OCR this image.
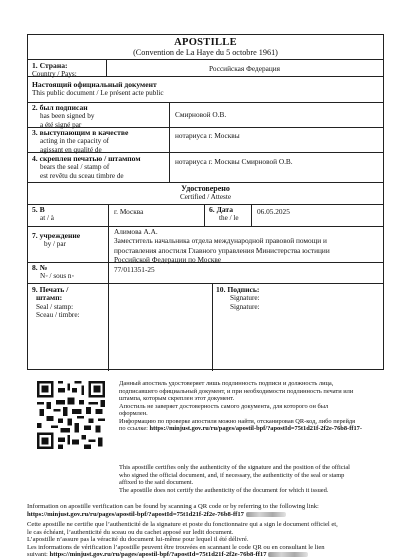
APOSTILLE
(Convention de La Haye du 5 octobre 1961)
1. Страна:
Country / Pays:
Российская Федерация
Настоящий официальный документ
This public document / Le présent acte public
2. был подписан
has been signed by
a été signé par
Смирновой О.В.
3. выступающим в качестве
acting in the capacity of
agissant en qualité de
нотариуса г. Москвы
4. скреплен печатью / штампом
bears the seal / stamp of
est revêtu du sceau timbre de
нотариуса г. Москвы Смирновой О.В.
Удостоверено
Certified / Atteste
5. В
at / à
г. Москва	6. Дата
the / le
06.05.2025
7. учреждение
by / par
Алимова А.А.
Заместитель начальника отдела международной правовой помощи и
проставления апостиля Главного управления Министерства юстиции
Российской Федерации по Москве
8. №
N◦ / sous n◦
77/011351-25
9. Печать /
штамп:
Seal / stamp:
Sceau / timbre:
10. Подпись:
Signature:
Signature:
Данный апостиль удостоверяет лишь подлинность подписи и должность лица,
подписавшего официальный документ, и при необходимости подлинность печати или
штампа, которым скреплен этот документ.
Апостиль не заверяет достоверность самого документа, для которого он был
оформлен.
Информацию по проверке апостиля можно найти, отсканировав QR-код, либо перейдя
по ссылке: https://minjust.gov.ru/ru/pages/apostil-bpf/?apostId=75t1d21f-2f2e-76b8-ff17-
This apostille certifies only the authenticity of the signature and the position of the official
who signed the official document, and, if necessary, the authenticity of the seal or stamp
affixed to the said document.
The apostille does not certify the authenticity of the document for which it issued.
Information on apostille verification can be found by scanning a QR code or by referring to the following link:
https://minjust.gov.ru/ru/pages/apostil-bpf/?apostId=75t1d21f-2f2e-76b8-ff17
Cette apostille ne certifie que l’authenticité de la signature et poste du fonctionnaire qui a sign le document officiel et,
le cas échéant, l’authenticité du sceau ou du cachet apposé sur ledit document.
L’apostille n’assure pas la véracité du document lui-même pour lequel il été délivré.
Les informations de vérification l’apostille peuvent être trouvées en scannant le code QR ou en consultant le lien
suivant: https://minjust.gov.ru/ru/pages/apostil-bpf/?apostId=75t1d21f-2f2e-76b8-ff17
